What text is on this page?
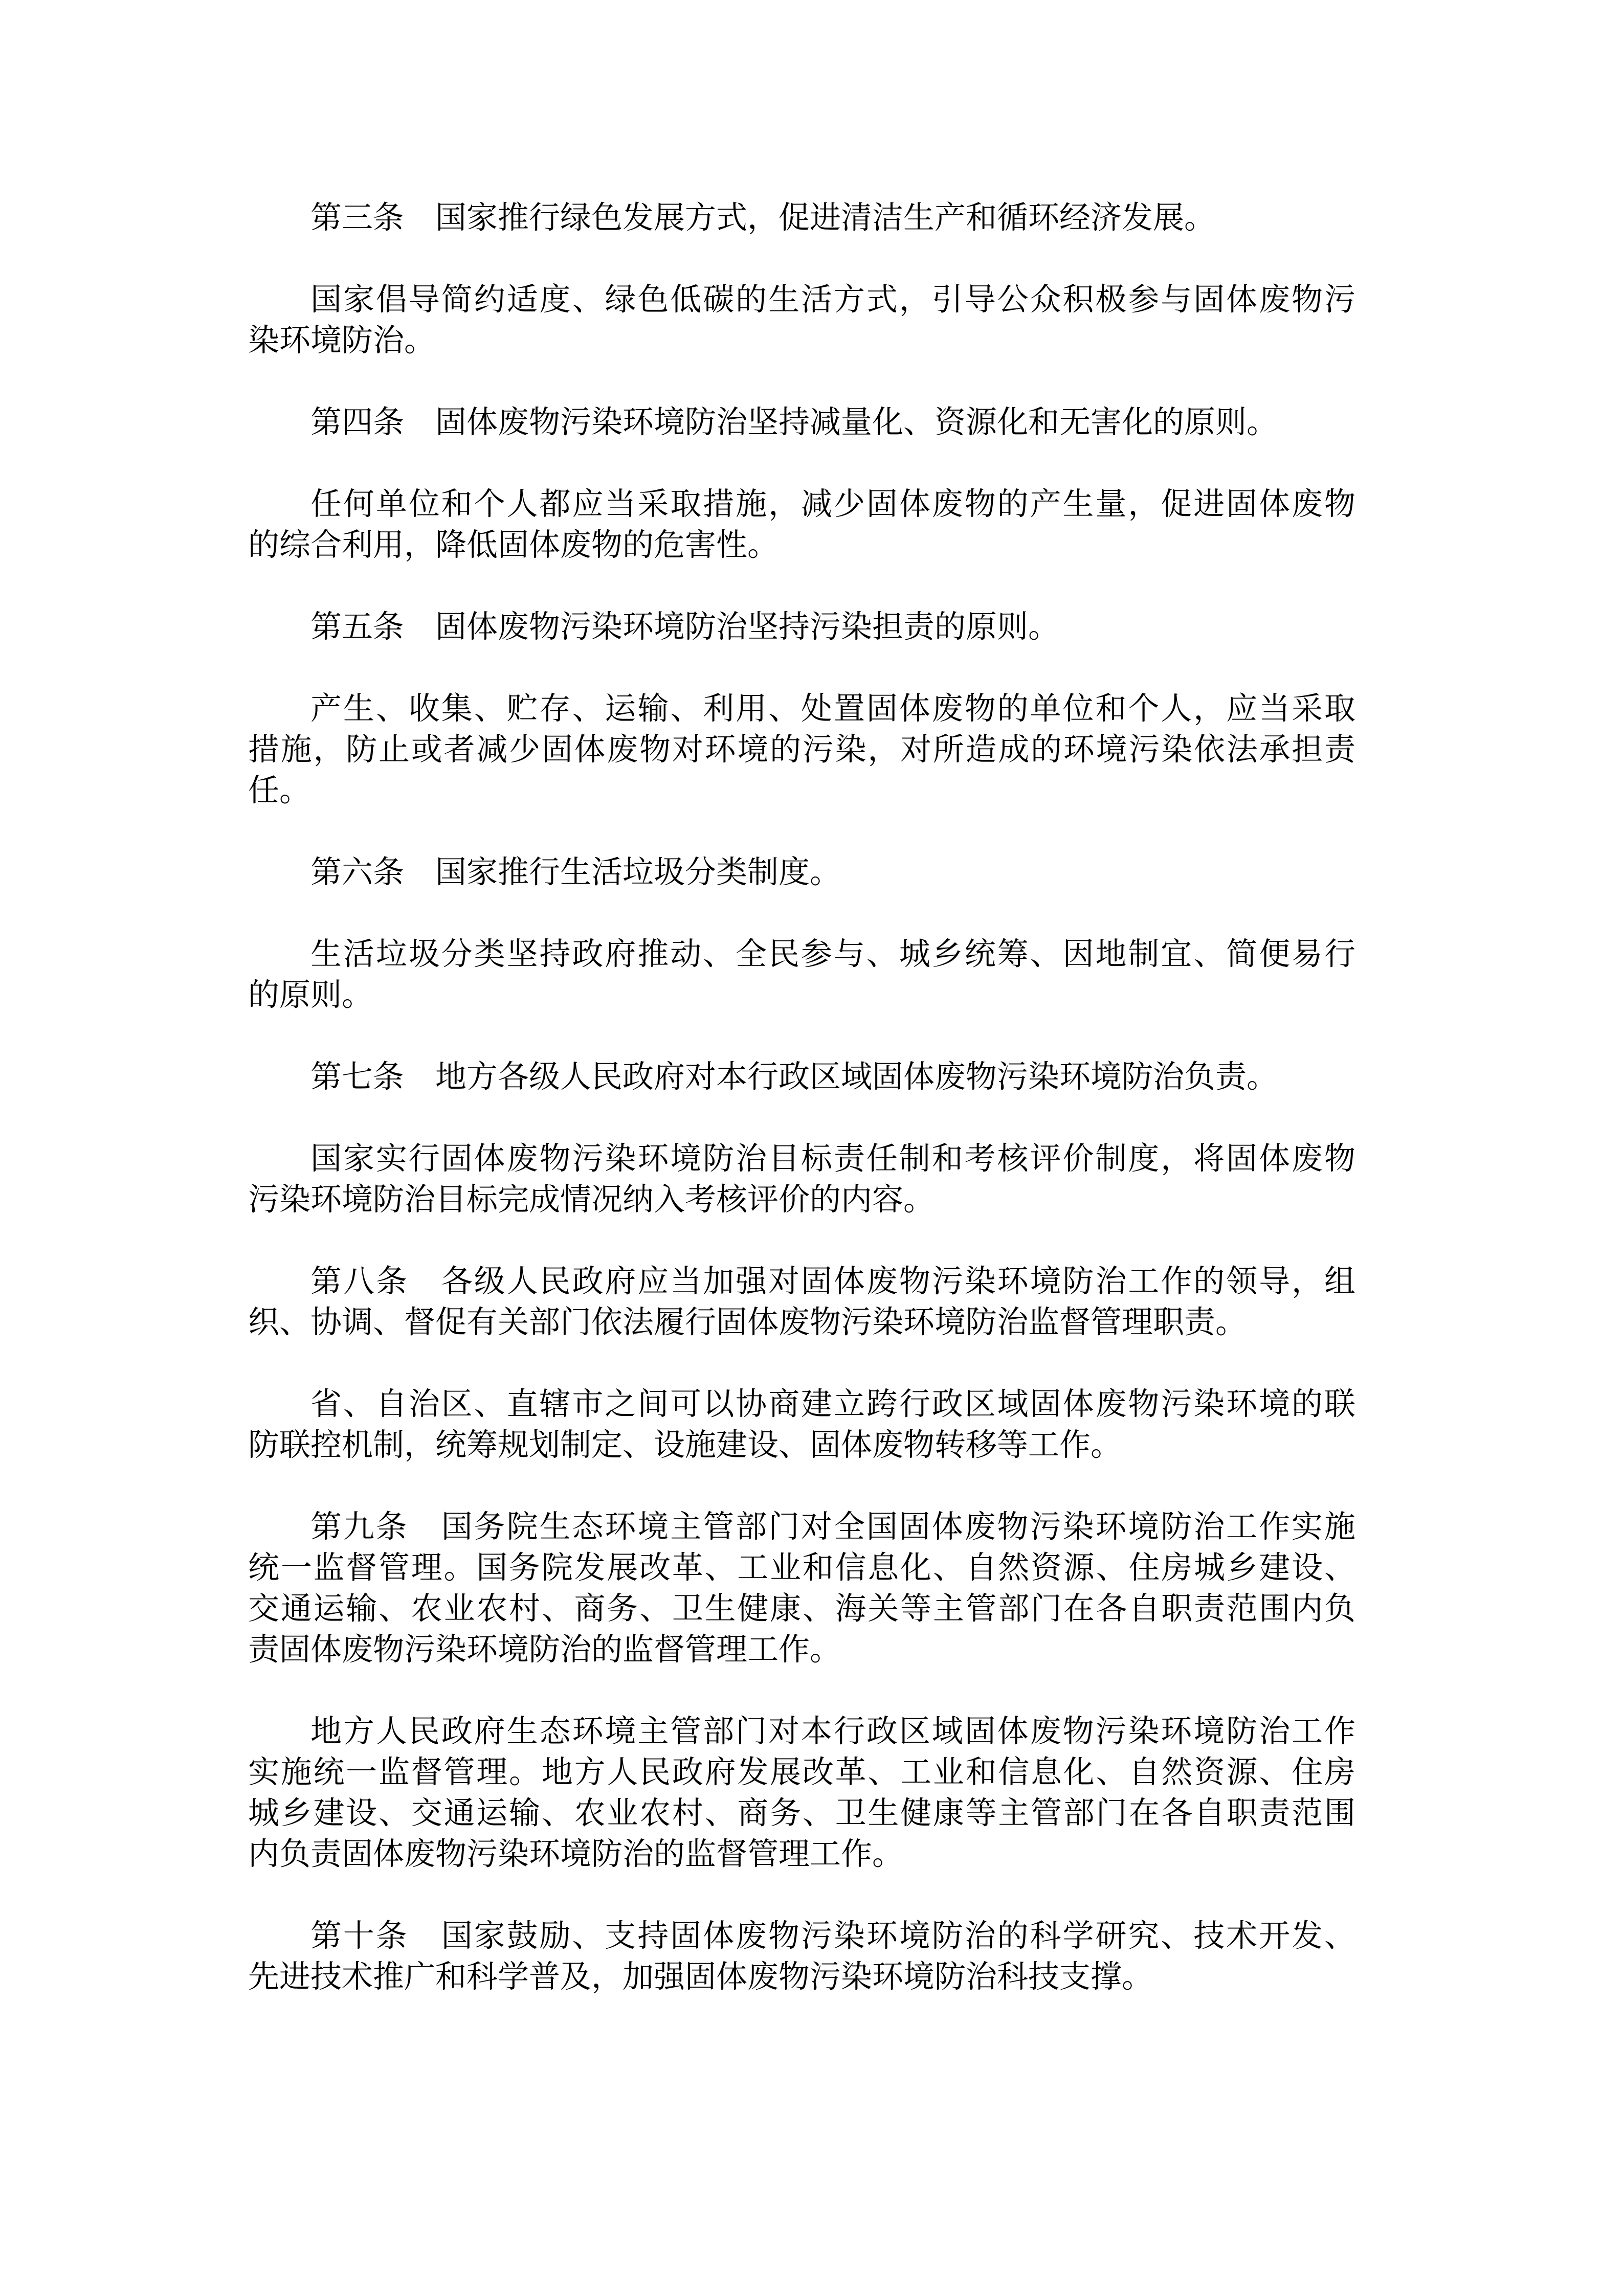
第三条　国家推行绿色发展方式，促进清洁生产和循环经济发展。
国家倡导简约适度、绿色低碳的生活方式，引导公众积极参与固体废物污
染环境防治。
第四条　固体废物污染环境防治坚持减量化、资源化和无害化的原则。
任何单位和个人都应当采取措施，减少固体废物的产生量，促进固体废物
的综合利用，降低固体废物的危害性。
第五条　固体废物污染环境防治坚持污染担责的原则。
产生、收集、贮存、运输、利用、处置固体废物的单位和个人，应当采取
措施，防止或者减少固体废物对环境的污染，对所造成的环境污染依法承担责
任。
第六条　国家推行生活垃圾分类制度。
生活垃圾分类坚持政府推动、全民参与、城乡统筹、因地制宜、简便易行
的原则。
第七条　地方各级人民政府对本行政区域固体废物污染环境防治负责。
国家实行固体废物污染环境防治目标责任制和考核评价制度，将固体废物
污染环境防治目标完成情况纳入考核评价的内容。
第八条　各级人民政府应当加强对固体废物污染环境防治工作的领导，组
织、协调、督促有关部门依法履行固体废物污染环境防治监督管理职责。
省、自治区、直辖市之间可以协商建立跨行政区域固体废物污染环境的联
防联控机制，统筹规划制定、设施建设、固体废物转移等工作。
第九条　国务院生态环境主管部门对全国固体废物污染环境防治工作实施
统一监督管理。国务院发展改革、工业和信息化、自然资源、住房城乡建设、
交通运输、农业农村、商务、卫生健康、海关等主管部门在各自职责范围内负
责固体废物污染环境防治的监督管理工作。
地方人民政府生态环境主管部门对本行政区域固体废物污染环境防治工作
实施统一监督管理。地方人民政府发展改革、工业和信息化、自然资源、住房
城乡建设、交通运输、农业农村、商务、卫生健康等主管部门在各自职责范围
内负责固体废物污染环境防治的监督管理工作。
第十条　国家鼓励、支持固体废物污染环境防治的科学研究、技术开发、
先进技术推广和科学普及，加强固体废物污染环境防治科技支撑。
